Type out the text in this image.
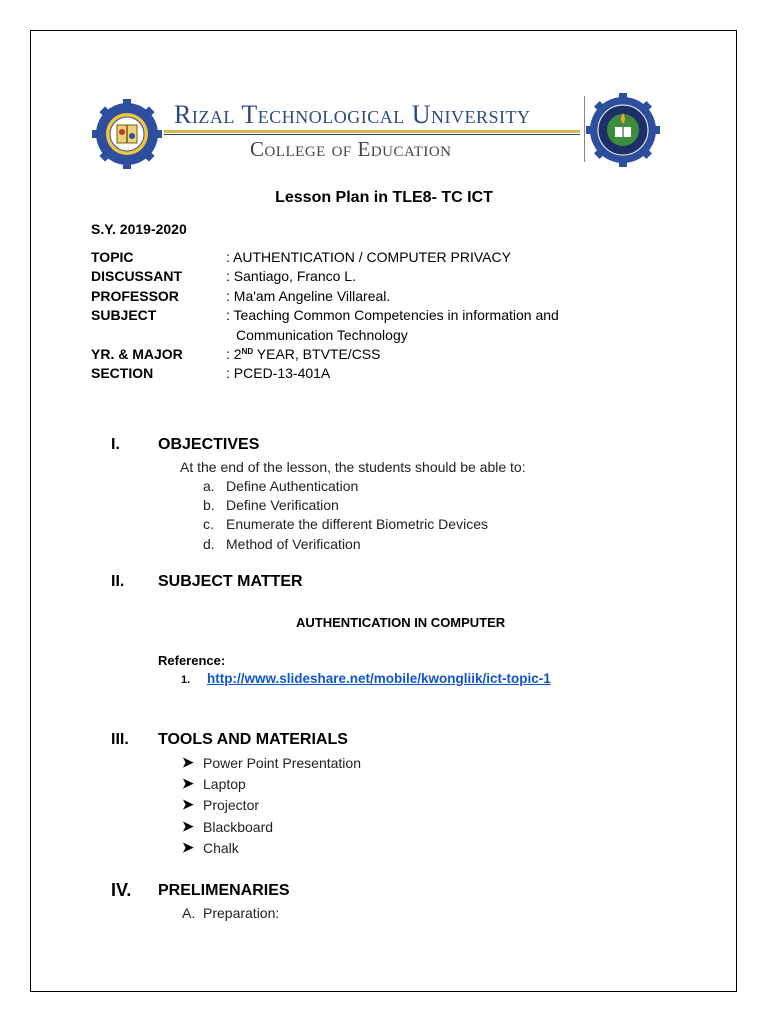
Rizal Technological University
College of Education
Lesson Plan in TLE8- TC ICT
S.Y. 2019-2020
TOPIC	: AUTHENTICATION / COMPUTER PRIVACY
DISCUSSANT	: Santiago, Franco L.
PROFESSOR	: Ma'am Angeline Villareal.
SUBJECT	: Teaching Common Competencies in information and
Communication Technology
YR. & MAJOR	: 2ND YEAR, BTVTE/CSS
SECTION	: PCED-13-401A
I. OBJECTIVES
At the end of the lesson, the students should be able to:
a. Define Authentication
b. Define Verification
c. Enumerate the different Biometric Devices
d. Method of Verification
II. SUBJECT MATTER
AUTHENTICATION IN COMPUTER
Reference:
1. http://www.slideshare.net/mobile/kwongliik/ict-topic-1
III. TOOLS AND MATERIALS
➤ Power Point Presentation
➤ Laptop
➤ Projector
➤ Blackboard
➤ Chalk
IV. PRELIMENARIES
A. Preparation:
